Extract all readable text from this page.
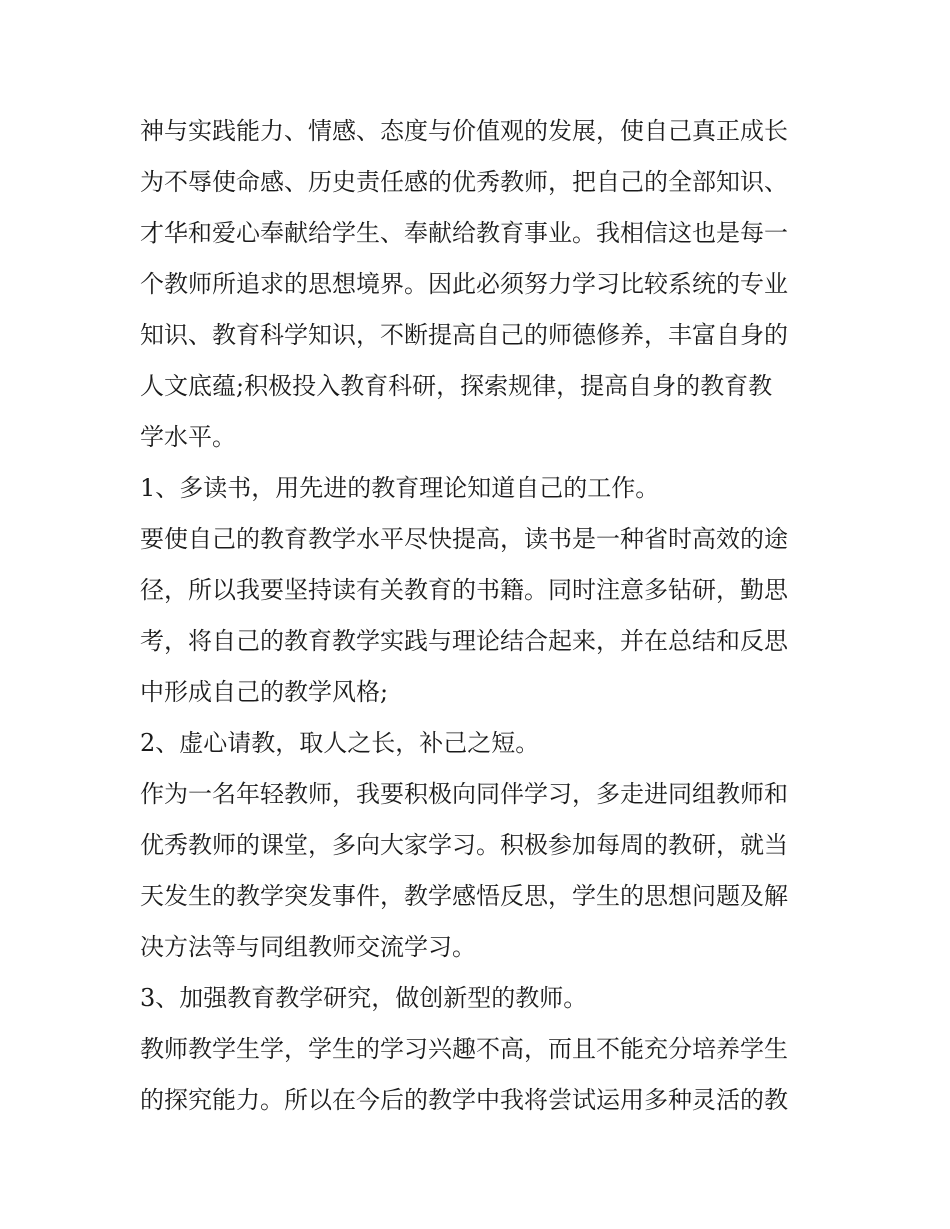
神与实践能力、情感、态度与价值观的发展，使自己真正成长
为不辱使命感、历史责任感的优秀教师，把自己的全部知识、
才华和爱心奉献给学生、奉献给教育事业。我相信这也是每一
个教师所追求的思想境界。因此必须努力学习比较系统的专业
知识、教育科学知识，不断提高自己的师德修养，丰富自身的
人文底蕴;积极投入教育科研，探索规律，提高自身的教育教
学水平。
1、多读书，用先进的教育理论知道自己的工作。
要使自己的教育教学水平尽快提高，读书是一种省时高效的途
径，所以我要坚持读有关教育的书籍。同时注意多钻研，勤思
考，将自己的教育教学实践与理论结合起来，并在总结和反思
中形成自己的教学风格;
2、虚心请教，取人之长，补己之短。
作为一名年轻教师，我要积极向同伴学习，多走进同组教师和
优秀教师的课堂，多向大家学习。积极参加每周的教研，就当
天发生的教学突发事件，教学感悟反思，学生的思想问题及解
决方法等与同组教师交流学习。
3、加强教育教学研究，做创新型的教师。
教师教学生学，学生的学习兴趣不高，而且不能充分培养学生
的探究能力。所以在今后的教学中我将尝试运用多种灵活的教
